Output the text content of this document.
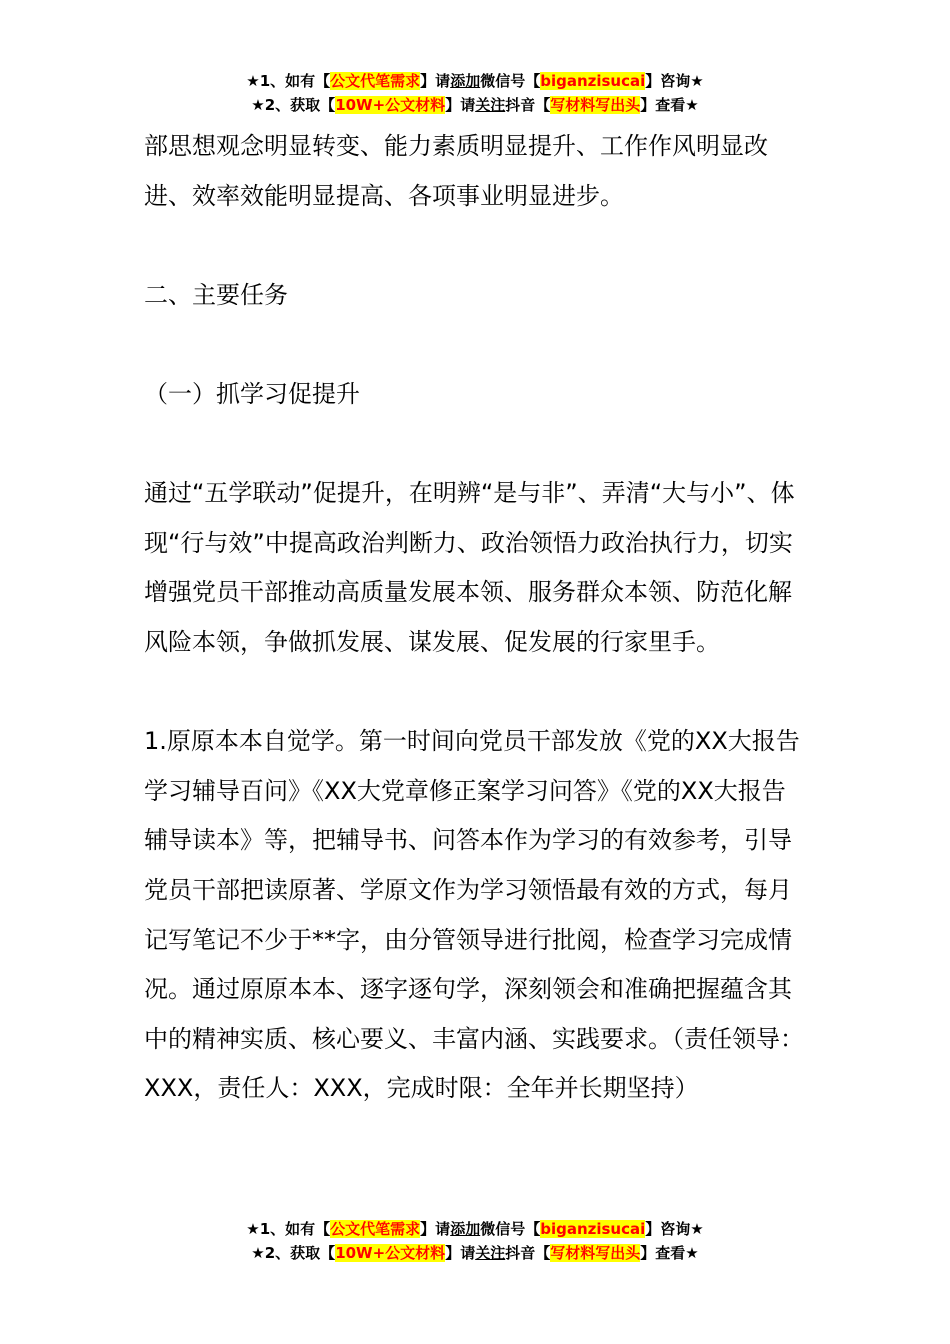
★1、如有【公文代笔需求】请添加微信号【biganzisucai】咨询★
★2、获取【10W+公文材料】请关注抖音【写材料写出头】查看★

部思想观念明显转变、能力素质明显提升、工作作风明显改进、效率效能明显提高、各项事业明显进步。

二、主要任务

（一）抓学习促提升

通过“五学联动”促提升，在明辨“是与非”、弄清“大与小”、体现“行与效”中提高政治判断力、政治领悟力政治执行力，切实增强党员干部推动高质量发展本领、服务群众本领、防范化解风险本领，争做抓发展、谋发展、促发展的行家里手。

1.原原本本自觉学。第一时间向党员干部发放《党的XX大报告学习辅导百问》《XX大党章修正案学习问答》《党的XX大报告辅导读本》等，把辅导书、问答本作为学习的有效参考，引导党员干部把读原著、学原文作为学习领悟最有效的方式，每月记写笔记不少于**字，由分管领导进行批阅，检查学习完成情况。通过原原本本、逐字逐句学，深刻领会和准确把握蕴含其中的精神实质、核心要义、丰富内涵、实践要求。（责任领导：XXX，责任人：XXX，完成时限：全年并长期坚持）

★1、如有【公文代笔需求】请添加微信号【biganzisucai】咨询★
★2、获取【10W+公文材料】请关注抖音【写材料写出头】查看★
